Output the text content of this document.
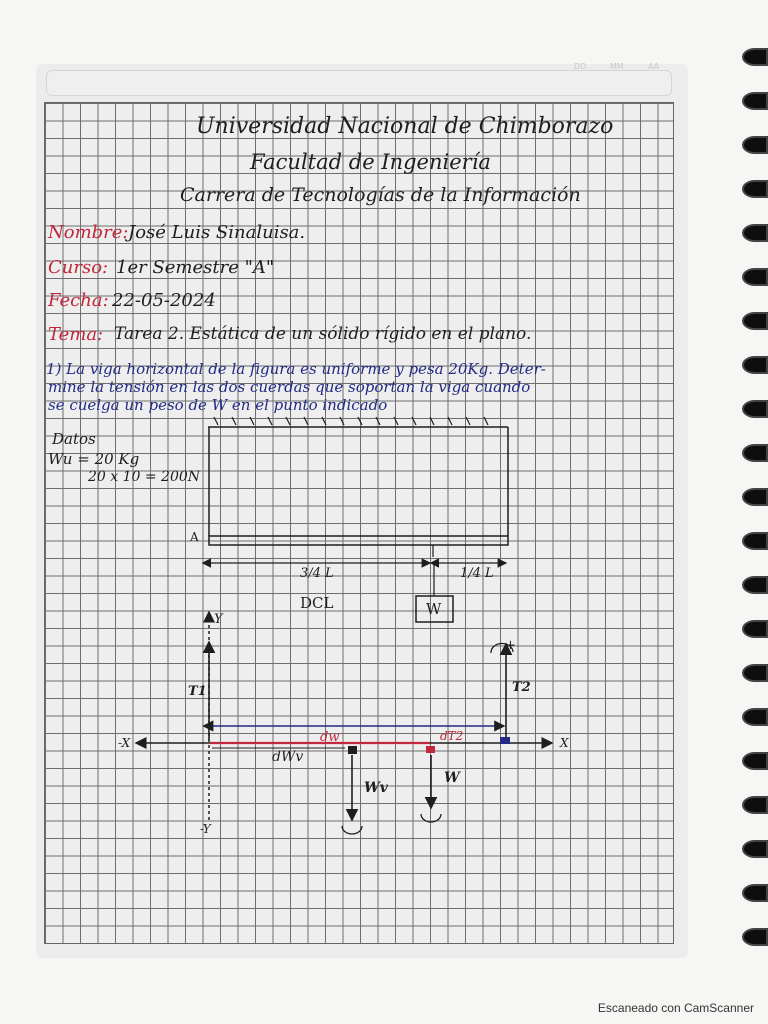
DD	MM	AA
Universidad Nacional de Chimborazo
Facultad de Ingeniería
Carrera de Tecnologías de la Información
Nombre: José Luis Sinaluisa.
Curso: 1er Semestre "A"
Fecha: 22-05-2024
Tema: Tarea 2. Estática de un sólido rígido en el plano.
1) La viga horizontal de la figura es uniforme y pesa 20Kg. Deter-
mine la tensión en las dos cuerdas que soportan la viga cuando
se cuelga un peso de W en el punto indicado
Datos
Wu = 20 Kg
20 x 10 = 200N
A
3/4 L	1/4 L
DCL	W
Y
-Y
-X	X
T1	T2
+
dw	dT2
dWv
Wv
W
Escaneado con CamScanner
